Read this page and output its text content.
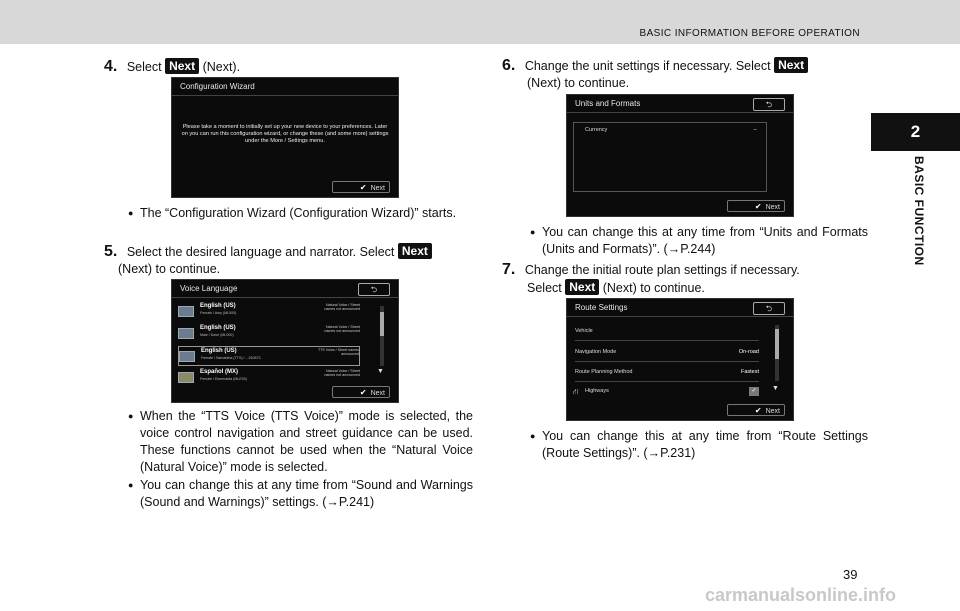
BASIC INFORMATION BEFORE OPERATION
2
BASIC FUNCTION
4. Select Next (Next).
Configuration Wizard
Please take a moment to initially set up your new device to your preferences. Later on you can run this configuration wizard, or change these (and some more) settings under the More / Settings menu.
✔ Next
● The “Configuration Wizard (Configuration Wizard)” starts.
5. Select the desired language and narrator. Select Next
(Next) to continue.
Voice Language	⮌
English (US)
Female / Amy (ML000)
Natural Voice / Street names not announced
English (US)
Male / Dave (ML000)
Natural Voice / Street names not announced
English (US)
Female / Samantha (TTS) / ...240873
TTS Voice / Street names announced
Español (MX)
Female / Esmeralda (MLE00)
Natural Voice / Street names not announced
▼
✔ Next
● When the “TTS Voice (TTS Voice)” mode is selected, the voice control navigation and street guidance can be used. These functions cannot be used when the “Natural Voice (Natural Voice)” mode is selected.
● You can change this at any time from “Sound and Warnings (Sound and Warnings)” settings. (→P.241)
6. Change the unit settings if necessary. Select Next
(Next) to continue.
Units and Formats	⮌
Currency	--
✔ Next
● You can change this at any time from “Units and Formats (Units and Formats)”. (→P.244)
7. Change the initial route plan settings if necessary.
Select Next (Next) to continue.
Route Settings	⮌
Vehicle
Navigation Mode	On-road
Route Planning Method	Fastest
⛙ Highways	✓	▼
✔ Next
● You can change this at any time from “Route Settings (Route Settings)”. (→P.231)
39
carmanualsonline.info
